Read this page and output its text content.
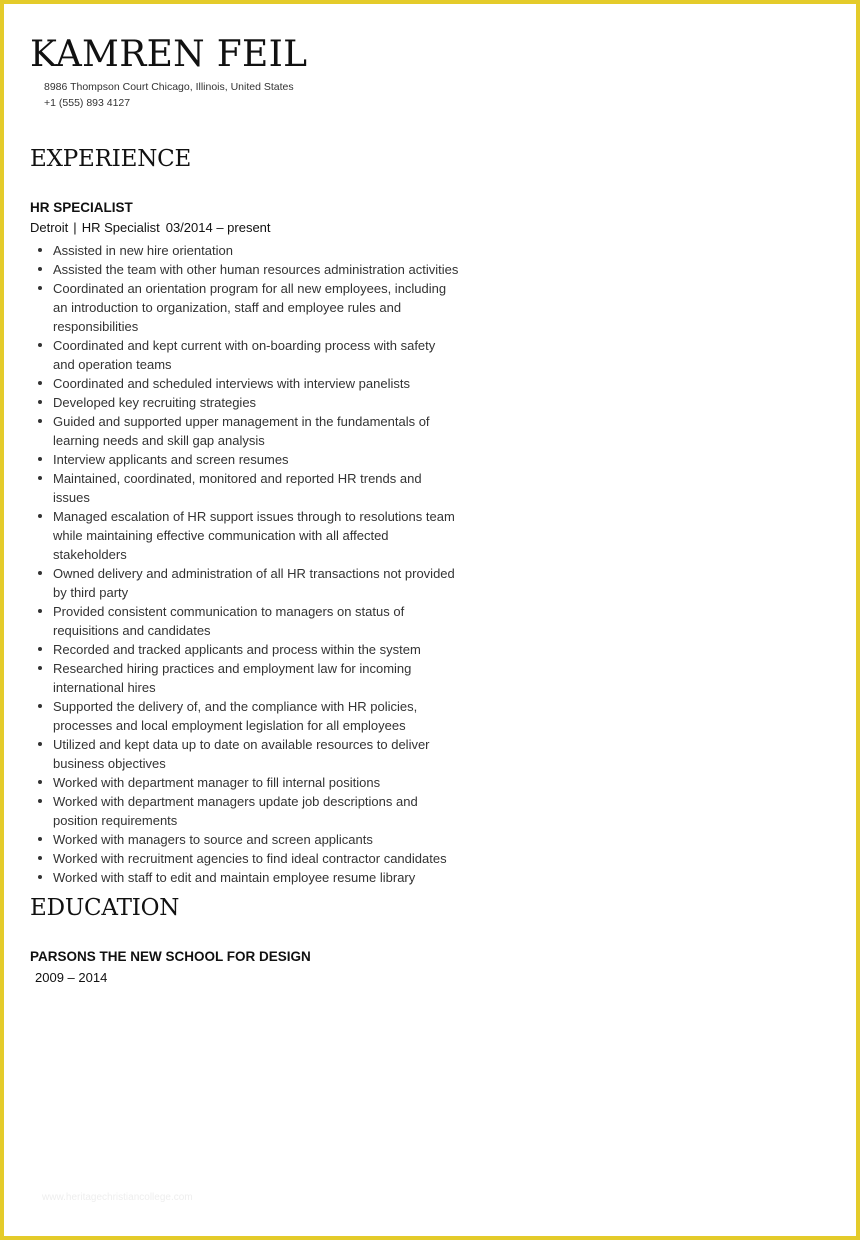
KAMREN FEIL
8986 Thompson Court Chicago, Illinois, United States
+1 (555) 893 4127
EXPERIENCE
HR SPECIALIST
Detroit | HR Specialist 03/2014 – present
Assisted in new hire orientation
Assisted the team with other human resources administration activities
Coordinated an orientation program for all new employees, including an introduction to organization, staff and employee rules and responsibilities
Coordinated and kept current with on-boarding process with safety and operation teams
Coordinated and scheduled interviews with interview panelists
Developed key recruiting strategies
Guided and supported upper management in the fundamentals of learning needs and skill gap analysis
Interview applicants and screen resumes
Maintained, coordinated, monitored and reported HR trends and issues
Managed escalation of HR support issues through to resolutions team while maintaining effective communication with all affected stakeholders
Owned delivery and administration of all HR transactions not provided by third party
Provided consistent communication to managers on status of requisitions and candidates
Recorded and tracked applicants and process within the system
Researched hiring practices and employment law for incoming international hires
Supported the delivery of, and the compliance with HR policies, processes and local employment legislation for all employees
Utilized and kept data up to date on available resources to deliver business objectives
Worked with department manager to fill internal positions
Worked with department managers update job descriptions and position requirements
Worked with managers to source and screen applicants
Worked with recruitment agencies to find ideal contractor candidates
Worked with staff to edit and maintain employee resume library
EDUCATION
PARSONS THE NEW SCHOOL FOR DESIGN
2009 – 2014
www.heritagechristiancollege.com
